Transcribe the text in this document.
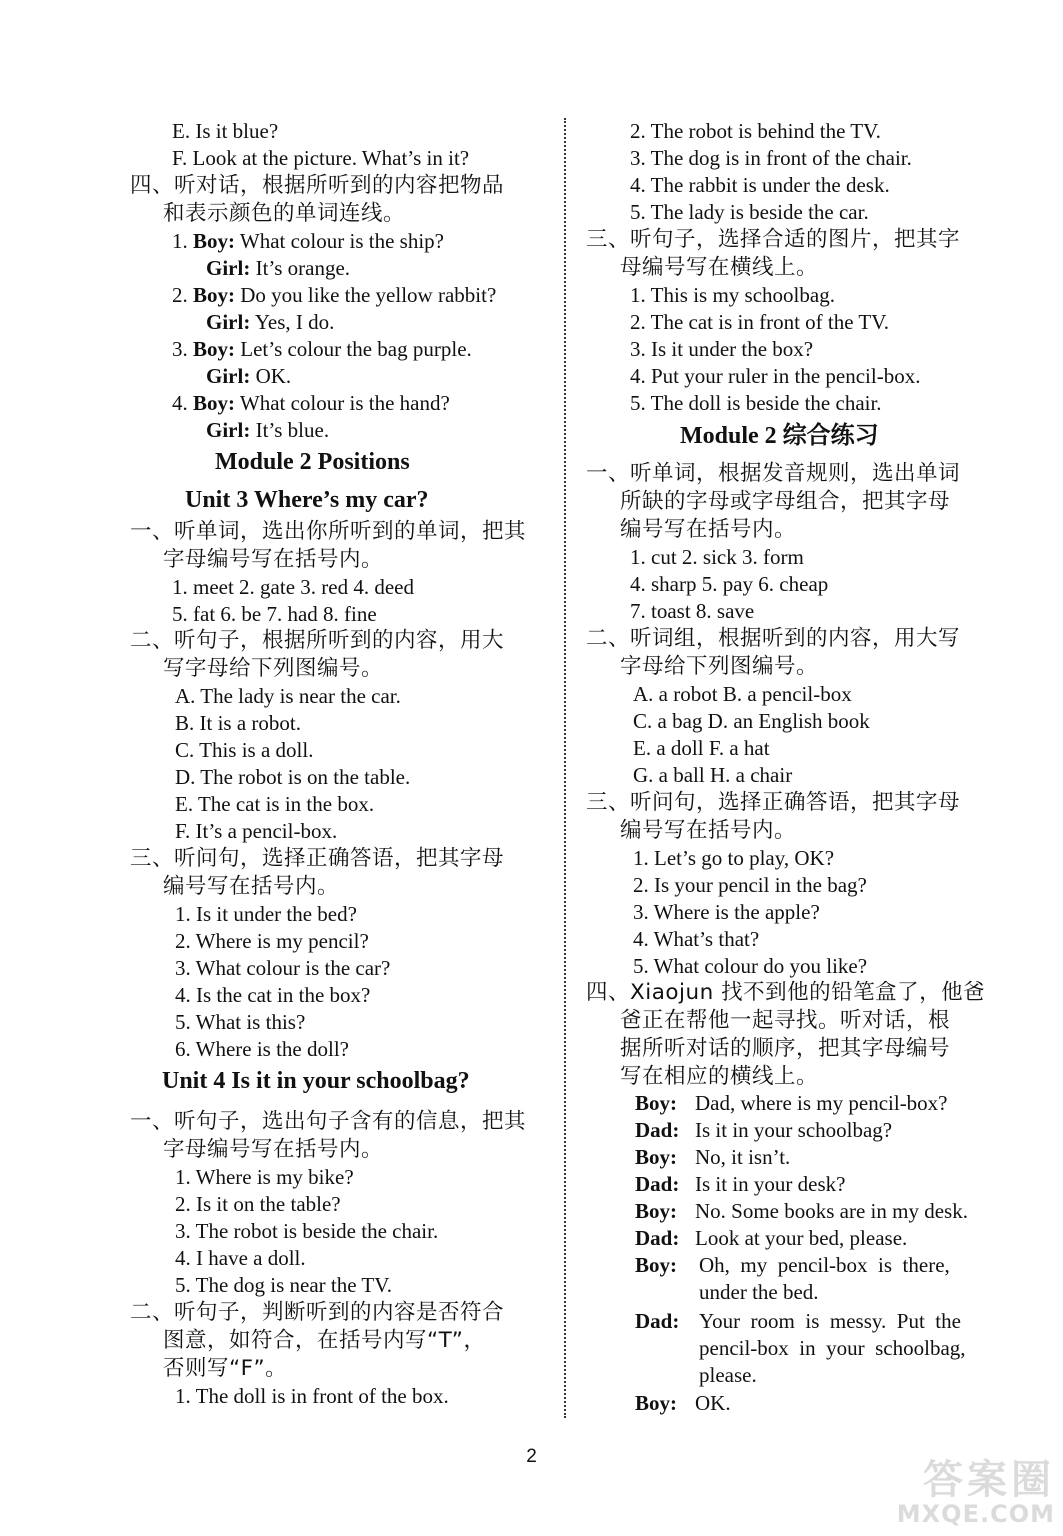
E. Is it blue?
F. Look at the picture. What’s in it?
四、听对话，根据所听到的内容把物品
和表示颜色的单词连线。
1. Boy: What colour is the ship?
Girl: It’s orange.
2. Boy: Do you like the yellow rabbit?
Girl: Yes, I do.
3. Boy: Let’s colour the bag purple.
Girl: OK.
4. Boy: What colour is the hand?
Girl: It’s blue.
Module 2 Positions
Unit 3 Where’s my car?
一、听单词，选出你所听到的单词，把其
字母编号写在括号内。
1. meet 2. gate 3. red 4. deed
5. fat 6. be 7. had 8. fine
二、听句子，根据所听到的内容，用大
写字母给下列图编号。
A. The lady is near the car.
B. It is a robot.
C. This is a doll.
D. The robot is on the table.
E. The cat is in the box.
F. It’s a pencil-box.
三、听问句，选择正确答语，把其字母
编号写在括号内。
1. Is it under the bed?
2. Where is my pencil?
3. What colour is the car?
4. Is the cat in the box?
5. What is this?
6. Where is the doll?
Unit 4 Is it in your schoolbag?
一、听句子，选出句子含有的信息，把其
字母编号写在括号内。
1. Where is my bike?
2. Is it on the table?
3. The robot is beside the chair.
4. I have a doll.
5. The dog is near the TV.
二、听句子，判断听到的内容是否符合
图意，如符合，在括号内写“T”，
否则写“F”。
1. The doll is in front of the box.
2. The robot is behind the TV.
3. The dog is in front of the chair.
4. The rabbit is under the desk.
5. The lady is beside the car.
三、听句子，选择合适的图片，把其字
母编号写在横线上。
1. This is my schoolbag.
2. The cat is in front of the TV.
3. Is it under the box?
4. Put your ruler in the pencil-box.
5. The doll is beside the chair.
Module 2 综合练习
一、听单词，根据发音规则，选出单词
所缺的字母或字母组合，把其字母
编号写在括号内。
1. cut 2. sick 3. form
4. sharp 5. pay 6. cheap
7. toast 8. save
二、听词组，根据听到的内容，用大写
字母给下列图编号。
A. a robot B. a pencil-box
C. a bag D. an English book
E. a doll F. a hat
G. a ball H. a chair
三、听问句，选择正确答语，把其字母
编号写在括号内。
1. Let’s go to play, OK?
2. Is your pencil in the bag?
3. Where is the apple?
4. What’s that?
5. What colour do you like?
四、Xiaojun 找不到他的铅笔盒了，他爸
爸正在帮他一起寻找。听对话，根
据所听对话的顺序，把其字母编号
写在相应的横线上。
Boy: Dad, where is my pencil-box?
Dad: Is it in your schoolbag?
Boy: No, it isn’t.
Dad: Is it in your desk?
Boy: No. Some books are in my desk.
Dad: Look at your bed, please.
Boy: Oh,  my  pencil-box  is  there,
under the bed.
Dad: Your  room  is  messy.  Put  the
pencil-box  in  your  schoolbag,
please.
Boy: OK.
2
答案圈
MXQE.COM
